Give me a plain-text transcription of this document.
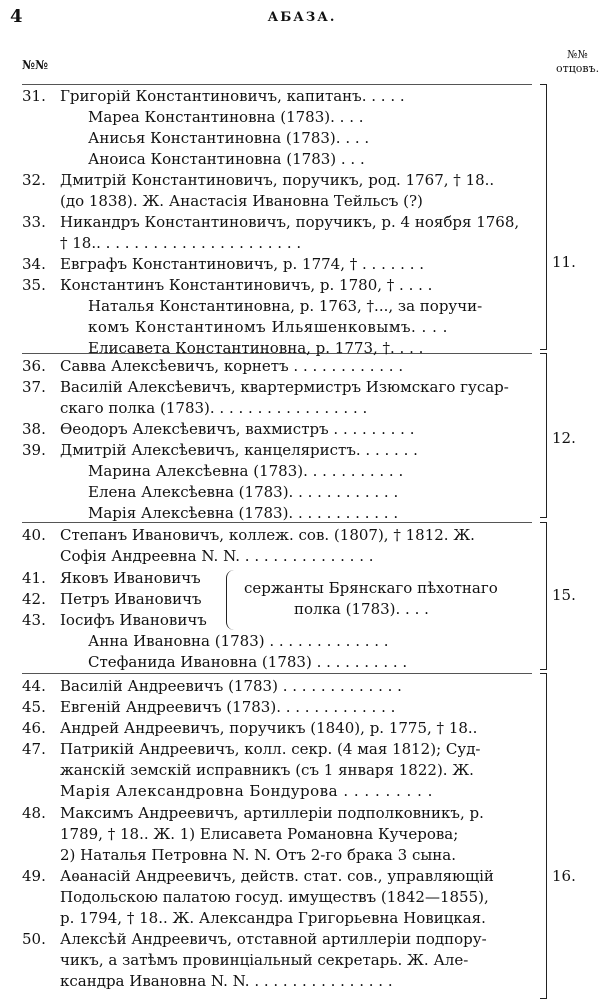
4	АБАЗА.
№№
№№
отцовъ.
11.
12.
15.
16.
31. Григорій Константиновичъ, капитанъ. . . . .
Мареа Константиновна (1783). . . .
Анисья Константиновна (1783). . . .
Аноиса Константиновна (1783) . . .
32. Дмитрій Константиновичъ, поручикъ, род. 1767, † 18..
(до 1838). Ж. Анастасія Ивановна Тейльсъ (?)
33. Никандръ Константиновичъ, поручикъ, р. 4 ноября 1768,
† 18.. . . . . . . . . . . . . . . . . . . . . .
34. Евграфъ Константиновичъ, р. 1774, † . . . . . . .
35. Константинъ Константиновичъ, р. 1780, † . . . .
Наталья Константиновна, р. 1763, †..., за поручи-
комъ Константиномъ Ильяшенковымъ. . . .
Елисавета Константиновна, р. 1773, †. . . .
36. Савва Алексѣевичъ, корнетъ . . . . . . . . . . . .
37. Василій Алексѣевичъ, квартермистръ Изюмскаго гусар-
скаго полка (1783). . . . . . . . . . . . . . . . .
38. Ѳеодоръ Алексѣевичъ, вахмистръ . . . . . . . . .
39. Дмитрій Алексѣевичъ, канцеляристъ. . . . . . .
Марина Алексѣевна (1783). . . . . . . . . . .
Елена Алексѣевна (1783). . . . . . . . . . . .
Марія Алексѣевна (1783). . . . . . . . . . . .
40. Степанъ Ивановичъ, коллеж. сов. (1807), † 1812. Ж.
Софія Андреевна N. N. . . . . . . . . . . . . . .
41. Яковъ Ивановичъ
42. Петръ Ивановичъ
43. Іосифъ Ивановичъ
сержанты Брянскаго пѣхотнаго
полка (1783). . . .
Анна Ивановна (1783) . . . . . . . . . . . . .
Стефанида Ивановна (1783) . . . . . . . . . .
44. Василій Андреевичъ (1783) . . . . . . . . . . . . .
45. Евгеній Андреевичъ (1783). . . . . . . . . . . . .
46. Андрей Андреевичъ, поручикъ (1840), р. 1775, † 18..
47. Патрикій Андреевичъ, колл. секр. (4 мая 1812); Суд-
жанскій земскій исправникъ (съ 1 января 1822). Ж.
Марія Александровна Бондурова . . . . . . . . .
48. Максимъ Андреевичъ, артиллеріи подполковникъ, р.
1789, † 18.. Ж. 1) Елисавета Романовна Кучерова;
2) Наталья Петровна N. N. Отъ 2-го брака 3 сына.
49. Аѳанасій Андреевичъ, действ. стат. сов., управляющій
Подольскою палатою госуд. имуществъ (1842—1855),
р. 1794, † 18.. Ж. Александра Григорьевна Новицкая.
50. Алексѣй Андреевичъ, отставной артиллеріи подпору-
чикъ, а затѣмъ провинціальный секретарь. Ж. Але-
ксандра Ивановна N. N. . . . . . . . . . . . . . . .
